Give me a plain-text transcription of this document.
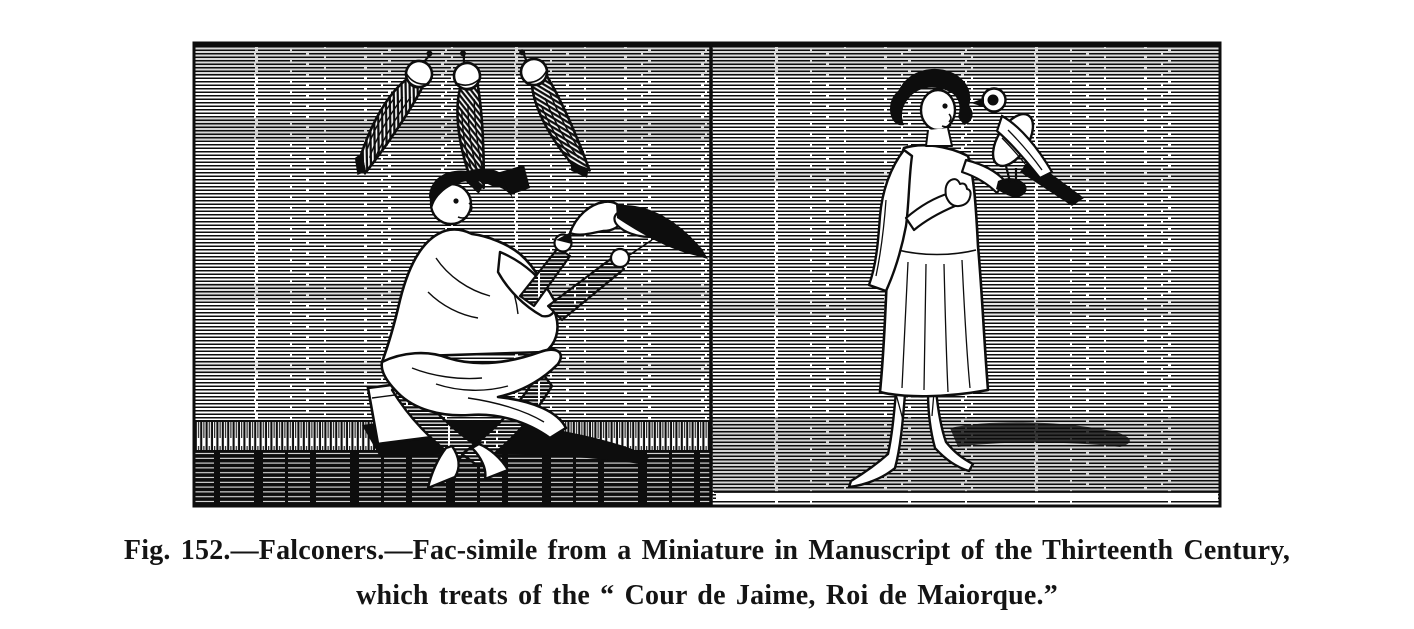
Fig. 152.—Falconers.—Fac-simile from a Miniature in Manuscript of the Thirteenth Century,
which treats of the “ Cour de Jaime, Roi de Maiorque.”
